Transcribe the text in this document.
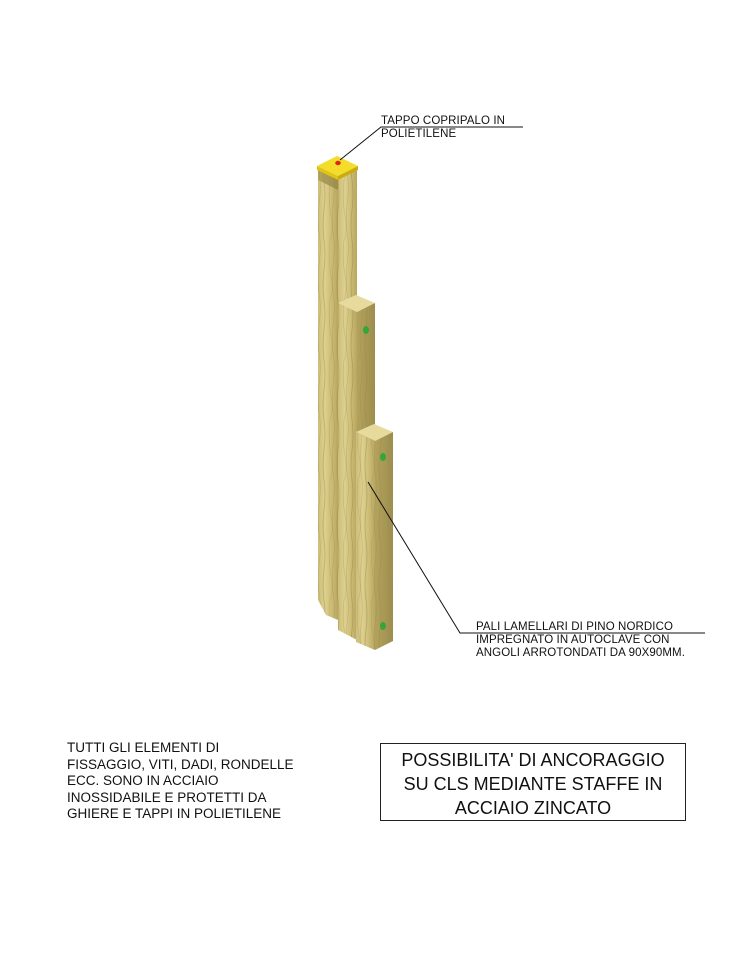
TAPPO COPRIPALO IN
POLIETILENE
PALI LAMELLARI DI PINO NORDICO
IMPREGNATO IN AUTOCLAVE CON
ANGOLI ARROTONDATI DA 90X90MM.
TUTTI GLI ELEMENTI DI
FISSAGGIO, VITI, DADI, RONDELLE
ECC. SONO IN ACCIAIO
INOSSIDABILE E PROTETTI DA
GHIERE E TAPPI IN POLIETILENE
POSSIBILITA' DI ANCORAGGIO
SU CLS MEDIANTE STAFFE IN
ACCIAIO ZINCATO
